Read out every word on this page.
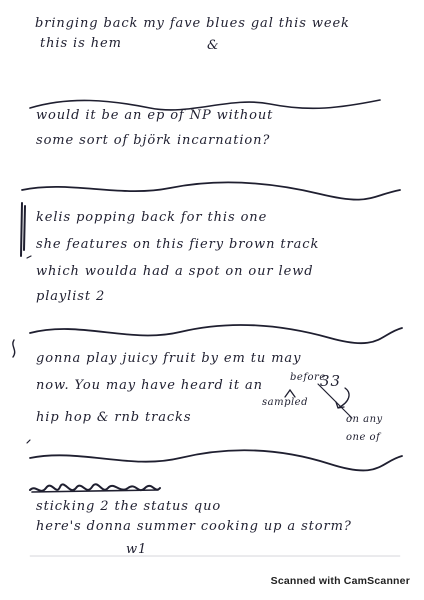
bringing back my fave blues gal this week

this is hem	&

would it be an ep of NP without

some sort of björk incarnation?

kelis popping back for this one

she features on this fiery brown track

which woulda had a spot on our lewd

playlist 2

gonna play juicy fruit by em tu may

now. You may have heard it an

before

sampled

33

hip hop & rnb tracks	on any

one of

sticking 2 the status quo

here's donna summer cooking up a storm?

w1

Scanned with CamScanner
